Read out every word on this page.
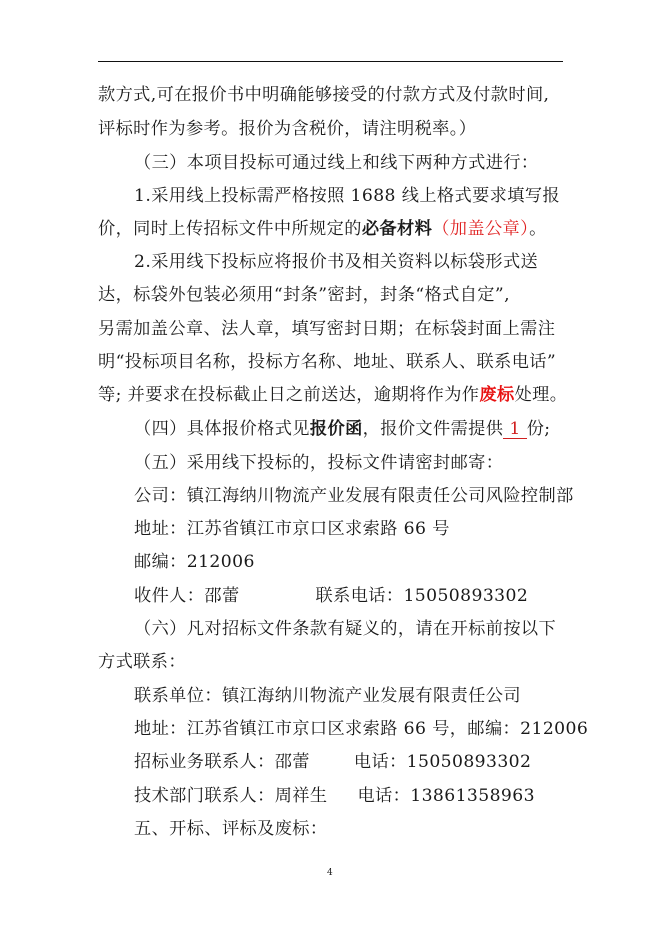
款方式,可在报价书中明确能够接受的付款方式及付款时间,
评标时作为参考。报价为含税价，请注明税率。）
（三）本项目投标可通过线上和线下两种方式进行：
1.采用线上投标需严格按照 1688 线上格式要求填写报
价，同时上传招标文件中所规定的必备材料（加盖公章）。
2.采用线下投标应将报价书及相关资料以标袋形式送
达，标袋外包装必须用“封条”密封，封条“格式自定”,
另需加盖公章、法人章，填写密封日期；在标袋封面上需注
明“投标项目名称，投标方名称、地址、联系人、联系电话”
等; 并要求在投标截止日之前送达，逾期将作为作废标处理。
（四）具体报价格式见报价函，报价文件需提供 1 份;
（五）采用线下投标的，投标文件请密封邮寄：
公司：镇江海纳川物流产业发展有限责任公司风险控制部
地址：江苏省镇江市京口区求索路 66 号
邮编：212006
收件人：邵蕾	联系电话：15050893302
（六）凡对招标文件条款有疑义的，请在开标前按以下
方式联系：
联系单位：镇江海纳川物流产业发展有限责任公司
地址：江苏省镇江市京口区求索路 66 号，邮编：212006
招标业务联系人：邵蕾	电话：15050893302
技术部门联系人：周祥生 电话：13861358963
五、开标、评标及废标：
4
